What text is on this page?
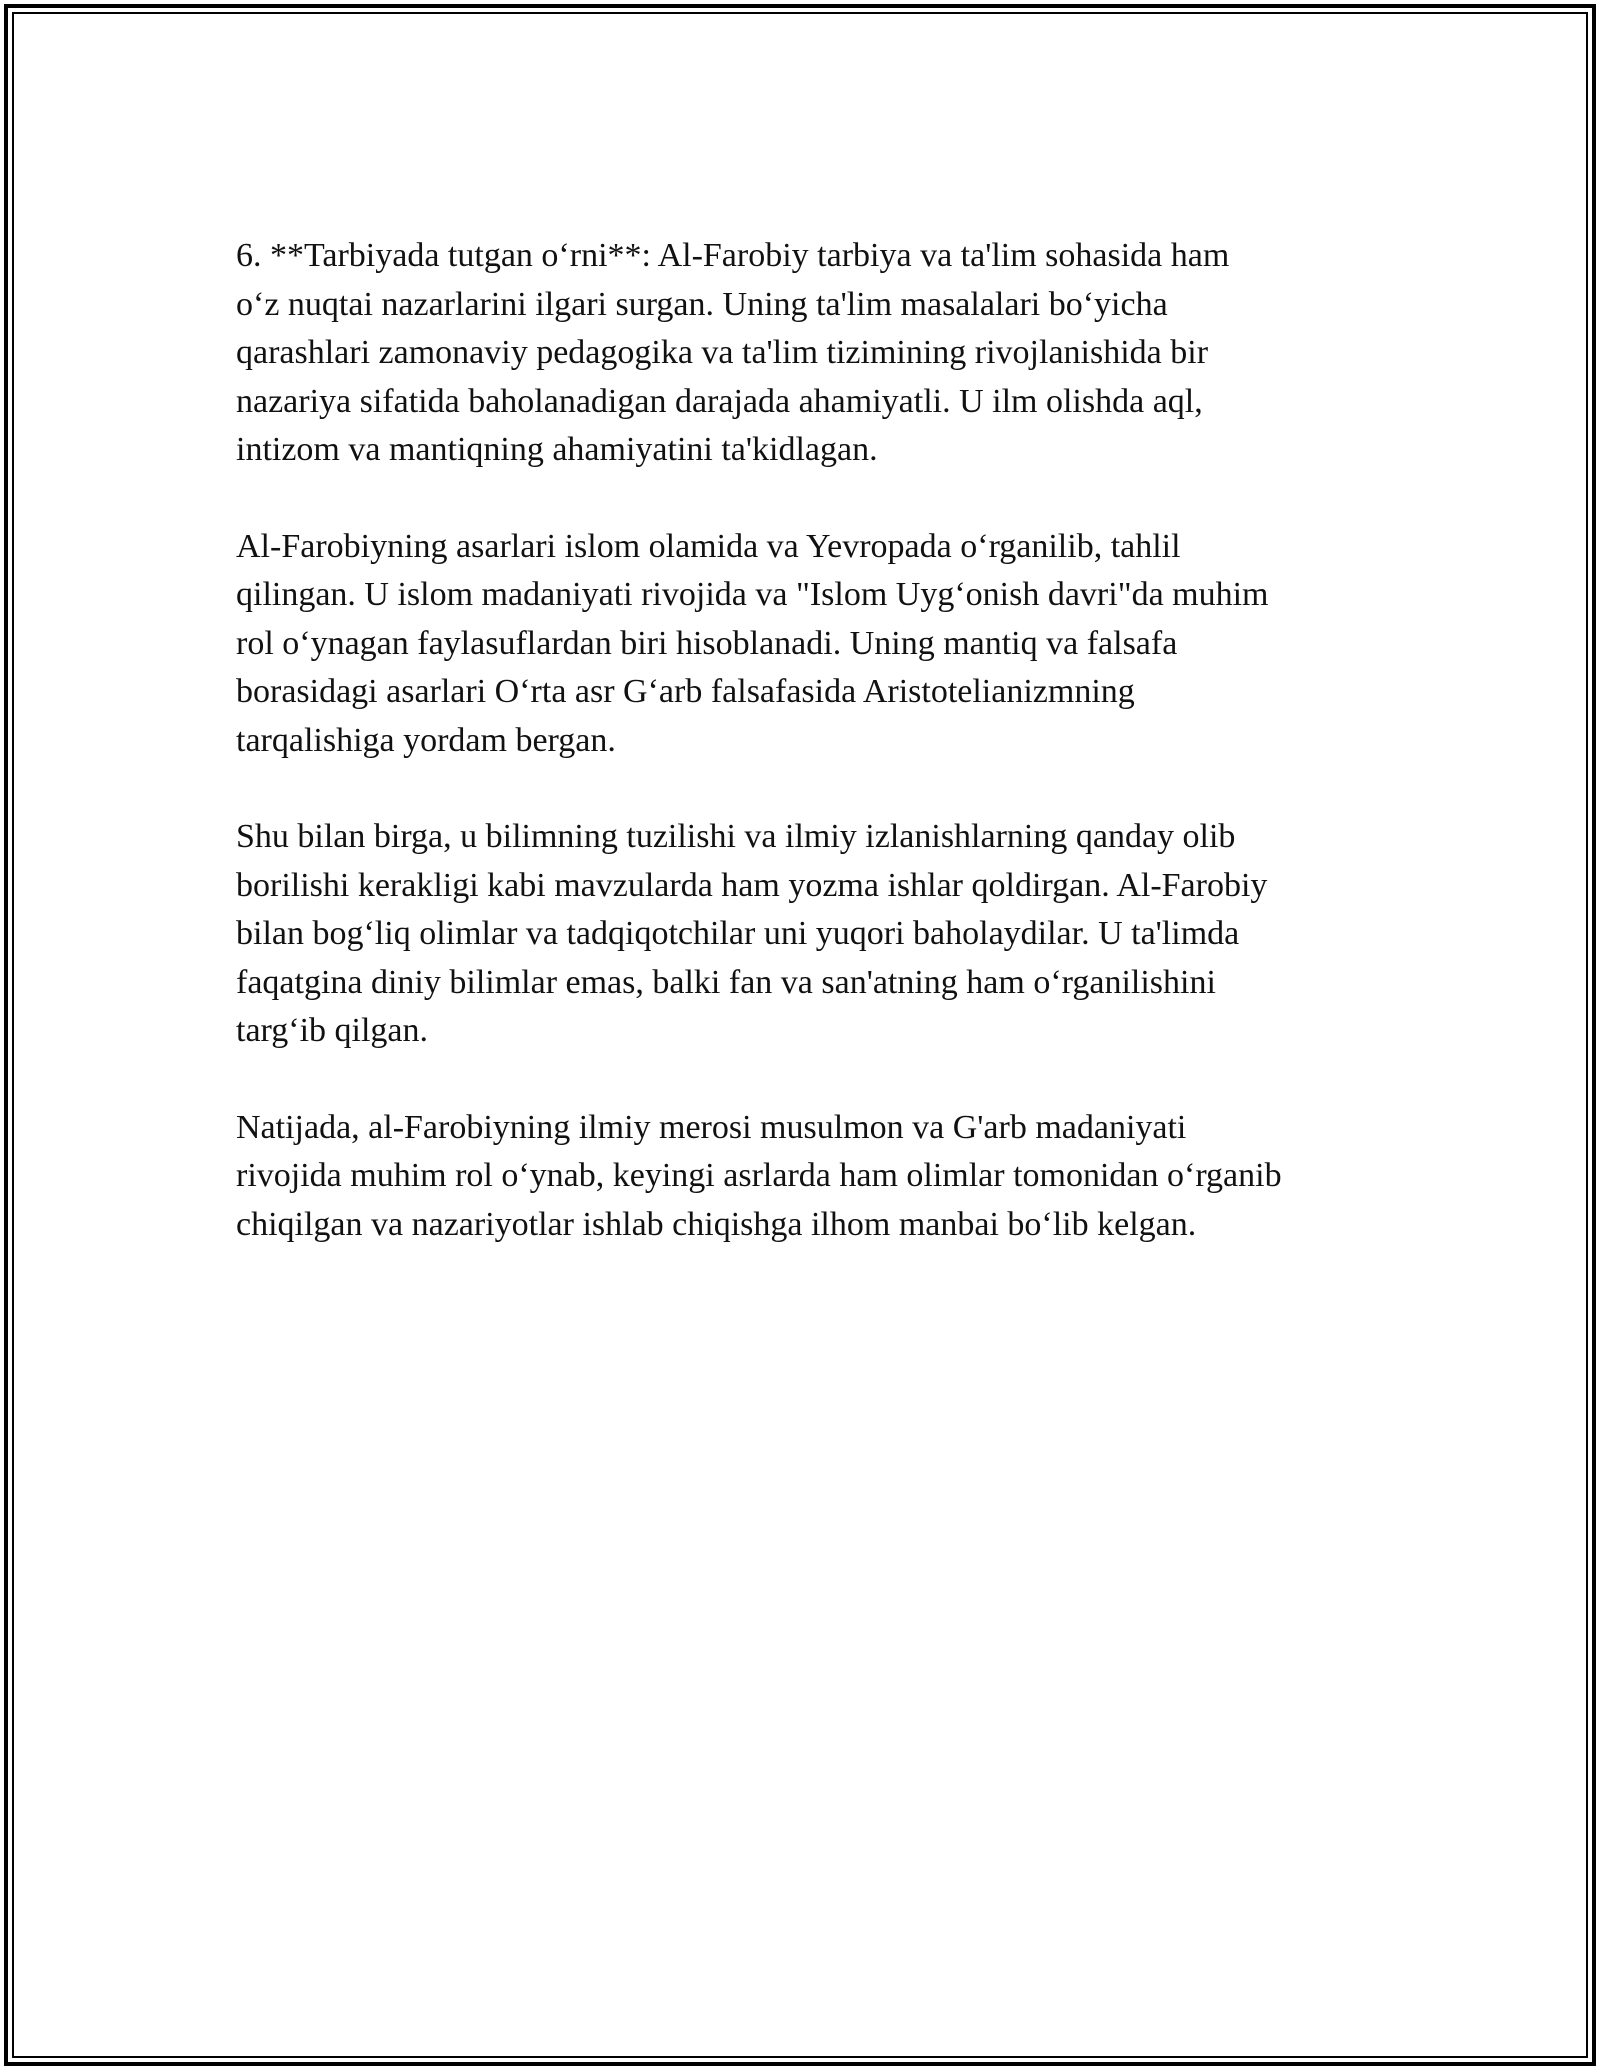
6. **Tarbiyada tutgan o‘rni**: Al-Farobiy tarbiya va ta'lim sohasida ham
o‘z nuqtai nazarlarini ilgari surgan. Uning ta'lim masalalari bo‘yicha
qarashlari zamonaviy pedagogika va ta'lim tizimining rivojlanishida bir
nazariya sifatida baholanadigan darajada ahamiyatli. U ilm olishda aql,
intizom va mantiqning ahamiyatini ta'kidlagan.

Al-Farobiyning asarlari islom olamida va Yevropada o‘rganilib, tahlil
qilingan. U islom madaniyati rivojida va "Islom Uyg‘onish davri"da muhim
rol o‘ynagan faylasuflardan biri hisoblanadi. Uning mantiq va falsafa
borasidagi asarlari O‘rta asr G‘arb falsafasida Aristotelianizmning
tarqalishiga yordam bergan.

Shu bilan birga, u bilimning tuzilishi va ilmiy izlanishlarning qanday olib
borilishi kerakligi kabi mavzularda ham yozma ishlar qoldirgan. Al-Farobiy
bilan bog‘liq olimlar va tadqiqotchilar uni yuqori baholaydilar. U ta'limda
faqatgina diniy bilimlar emas, balki fan va san'atning ham o‘rganilishini
targ‘ib qilgan.

Natijada, al-Farobiyning ilmiy merosi musulmon va G'arb madaniyati
rivojida muhim rol o‘ynab, keyingi asrlarda ham olimlar tomonidan o‘rganib
chiqilgan va nazariyotlar ishlab chiqishga ilhom manbai bo‘lib kelgan.
